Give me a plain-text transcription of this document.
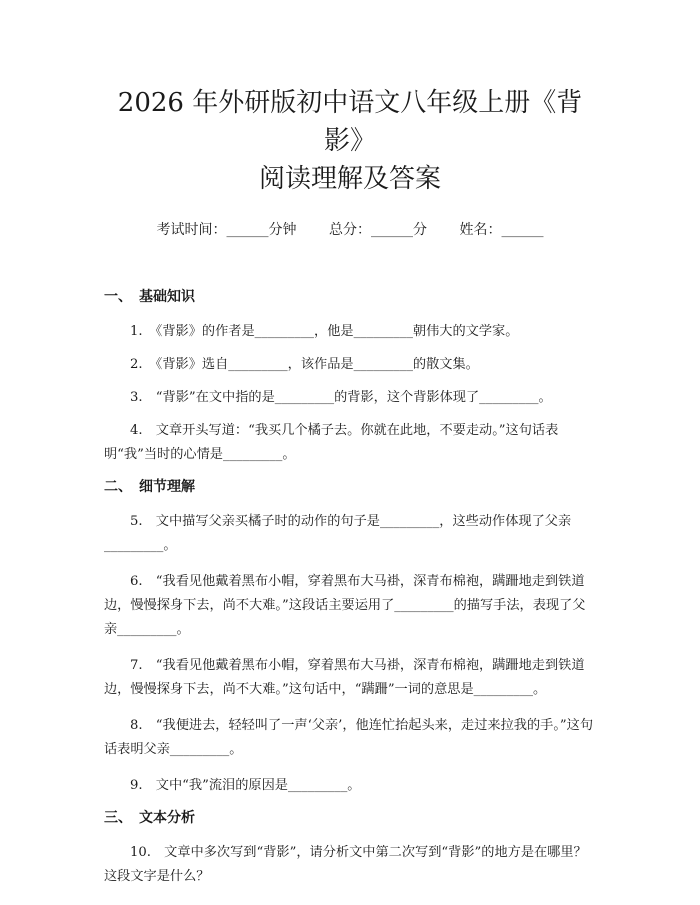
2026 年外研版初中语文八年级上册《背影》
阅读理解及答案
考试时间：______分钟 总分：______分 姓名：______

一、　基础知识

1.　《背影》的作者是_________，他是_________朝伟大的文学家。

2.　《背影》选自_________，该作品是_________的散文集。

3.　“背影”在文中指的是_________的背影，这个背影体现了_________。

4.　文章开头写道：“我买几个橘子去。你就在此地，不要走动。”这句话表明“我”当时的心情是_________。

二、　细节理解

5.　文中描写父亲买橘子时的动作的句子是_________，这些动作体现了父亲_________。

6.　“我看见他戴着黑布小帽，穿着黑布大马褂，深青布棉袍，蹒跚地走到铁道边，慢慢探身下去，尚不大难。”这段话主要运用了_________的描写手法，表现了父亲_________。

7.　“我看见他戴着黑布小帽，穿着黑布大马褂，深青布棉袍，蹒跚地走到铁道边，慢慢探身下去，尚不大难。”这句话中，“蹒跚”一词的意思是_________。

8.　“我便进去，轻轻叫了一声‘父亲’，他连忙抬起头来，走过来拉我的手。”这句话表明父亲_________。

9.　文中“我”流泪的原因是_________。

三、　文本分析

10.　文章中多次写到“背影”，请分析文中第二次写到“背影”的地方是在哪里？这段文字是什么？
